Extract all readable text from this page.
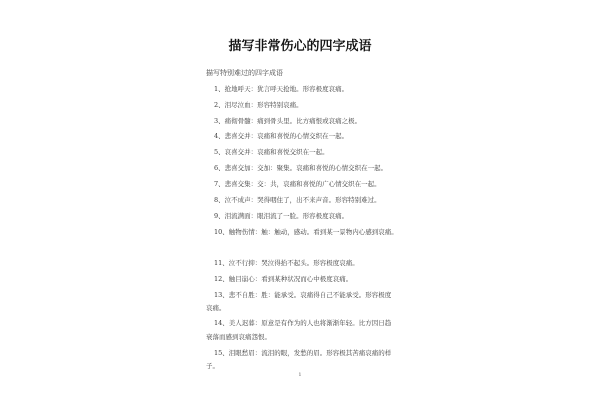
描写非常伤心的四字成语
描写特别难过的四字成语
1、抢地呼天：犹言呼天抢地。形容极度哀痛。
2、泪尽泣血：形容特别哀痛。
3、痛彻骨髓：痛到骨头里。比方痛恨或哀痛之极。
4、悲喜交并：哀痛和喜悦的心情交织在一起。
5、哀喜交并：哀痛和喜悦交织在一起。
6、悲喜交加：交加：聚集。哀痛和喜悦的心情交织在一起。
7、悲喜交集：交：共，哀痛和喜悦的广心情交织在一起。
8、泣不成声：哭得咽住了，出不来声音。形容特别难过。
9、泪流满面：眼泪流了一脸。形容极度哀痛。
10、触物伤情：触：触动，感动。看到某一景物内心感到哀痛。
11、泣不行抑：哭泣得抬不起头。形容极度哀痛。
12、触目崩心：看到某种状况而心中极度哀痛。
13、悲不自胜：胜：能承受。哀痛得自己不能承受。形容极度
哀痛。
14、美人迟暮：原意是有作为的人也将渐渐年轻。比方因日趋
衰落而感到哀痛怨恨。
15、泪眼愁眉：流泪的眼，发愁的眉。形容极其苦痛哀痛的样
子。
1
